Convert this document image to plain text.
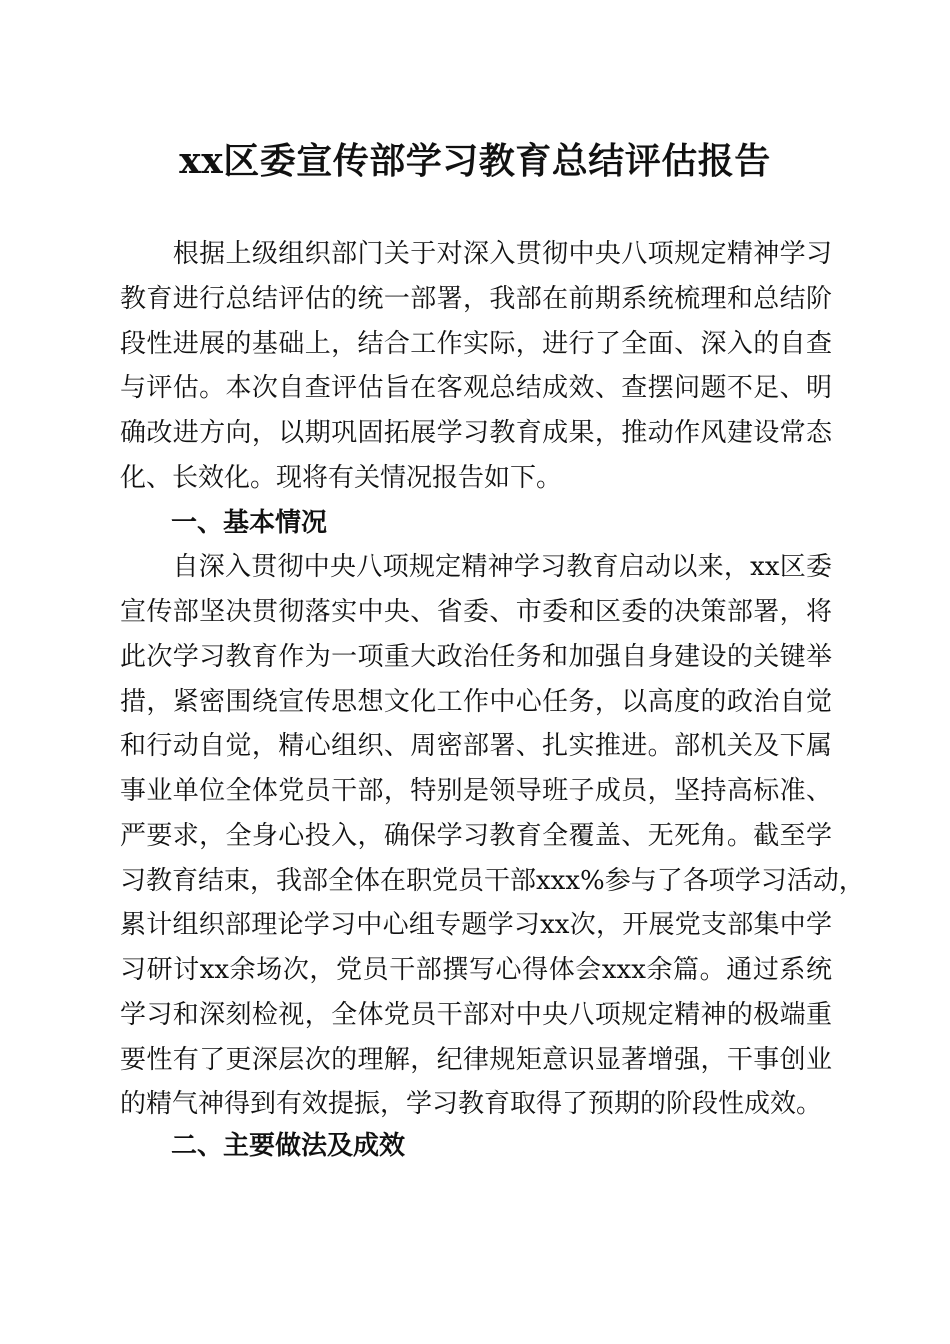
xx区委宣传部学习教育总结评估报告
　　根据上级组织部门关于对深入贯彻中央八项规定精神学习
教育进行总结评估的统一部署，我部在前期系统梳理和总结阶
段性进展的基础上，结合工作实际，进行了全面、深入的自查
与评估。本次自查评估旨在客观总结成效、查摆问题不足、明
确改进方向，以期巩固拓展学习教育成果，推动作风建设常态
化、长效化。现将有关情况报告如下。
一、基本情况
　　自深入贯彻中央八项规定精神学习教育启动以来，xx区委
宣传部坚决贯彻落实中央、省委、市委和区委的决策部署，将
此次学习教育作为一项重大政治任务和加强自身建设的关键举
措，紧密围绕宣传思想文化工作中心任务，以高度的政治自觉
和行动自觉，精心组织、周密部署、扎实推进。部机关及下属
事业单位全体党员干部，特别是领导班子成员，坚持高标准、
严要求，全身心投入，确保学习教育全覆盖、无死角。截至学
习教育结束，我部全体在职党员干部xxx%参与了各项学习活动，
累计组织部理论学习中心组专题学习xx次，开展党支部集中学
习研讨xx余场次，党员干部撰写心得体会xxx余篇。通过系统
学习和深刻检视，全体党员干部对中央八项规定精神的极端重
要性有了更深层次的理解，纪律规矩意识显著增强，干事创业
的精气神得到有效提振，学习教育取得了预期的阶段性成效。
二、主要做法及成效
